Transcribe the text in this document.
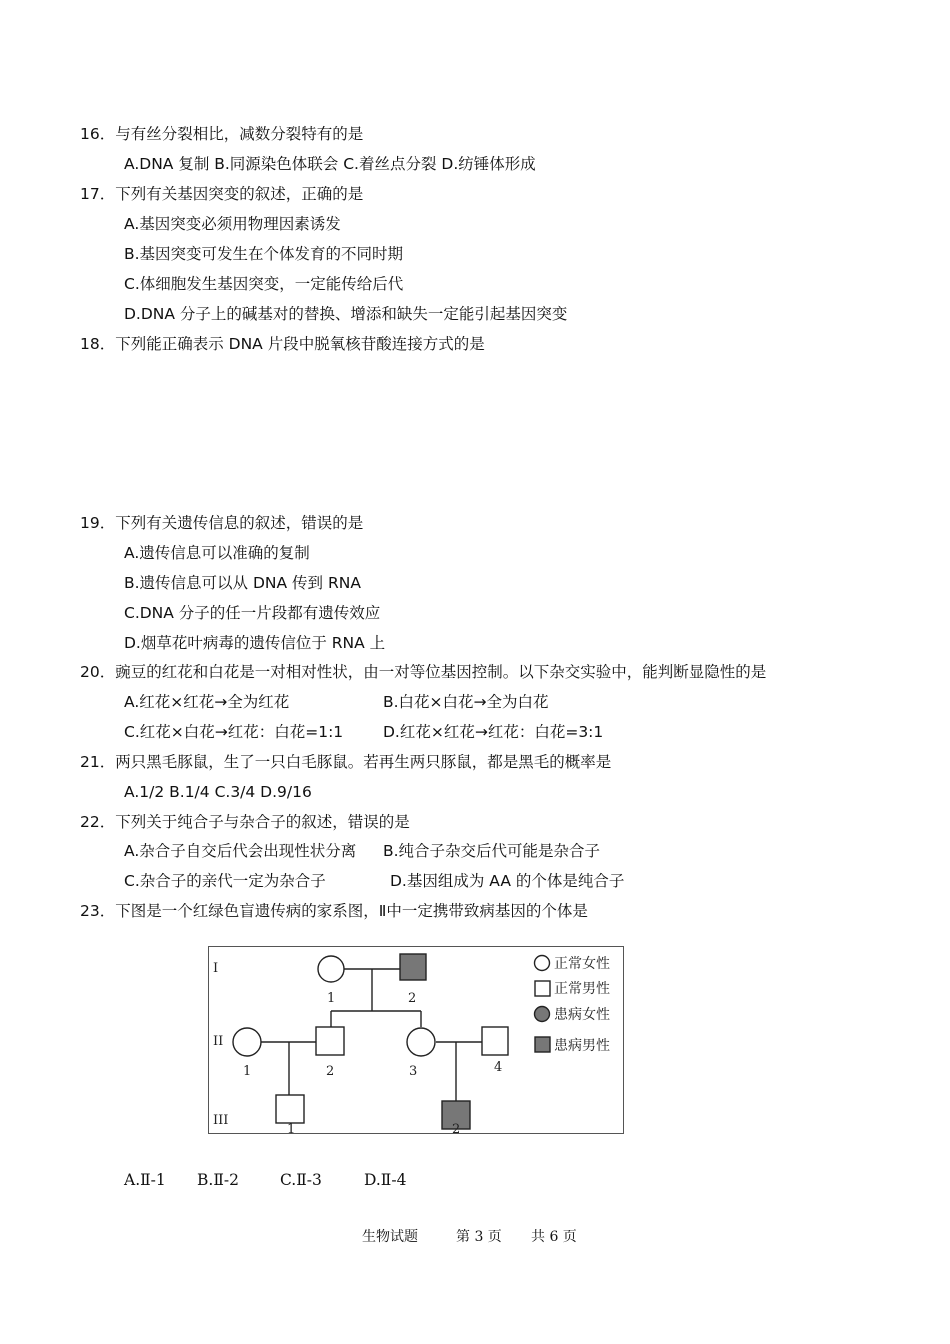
16．与有丝分裂相比，减数分裂特有的是
A.DNA 复制 B.同源染色体联会 C.着丝点分裂 D.纺锤体形成
17．下列有关基因突变的叙述，正确的是
A.基因突变必须用物理因素诱发
B.基因突变可发生在个体发育的不同时期
C.体细胞发生基因突变，一定能传给后代
D.DNA 分子上的碱基对的替换、增添和缺失一定能引起基因突变
18．下列能正确表示 DNA 片段中脱氧核苷酸连接方式的是
19．下列有关遗传信息的叙述，错误的是
A.遗传信息可以准确的复制
B.遗传信息可以从 DNA 传到 RNA
C.DNA 分子的任一片段都有遗传效应
D.烟草花叶病毒的遗传信位于 RNA 上
20．豌豆的红花和白花是一对相对性状，由一对等位基因控制。以下杂交实验中，能判断显隐性的是
A.红花×红花→全为红花	B.白花×白花→全为白花
C.红花×白花→红花：白花=1:1	D.红花×红花→红花：白花=3:1
21．两只黑毛豚鼠，生了一只白毛豚鼠。若再生两只豚鼠，都是黑毛的概率是
A.1/2 B.1/4 C.3/4 D.9/16
22．下列关于纯合子与杂合子的叙述，错误的是
A.杂合子自交后代会出现性状分离 B.纯合子杂交后代可能是杂合子
C.杂合子的亲代一定为杂合子	D.基因组成为 AA 的个体是纯合子
23．下图是一个红绿色盲遗传病的家系图，Ⅱ中一定携带致病基因的个体是
I
II
III
1	2
1	2	3	4
1	2
正常女性
正常男性
患病女性
患病男性
A.Ⅱ-1 B.Ⅱ-2	C.Ⅱ-3	D.Ⅱ-4
生物试题	第 3 页 共 6 页
